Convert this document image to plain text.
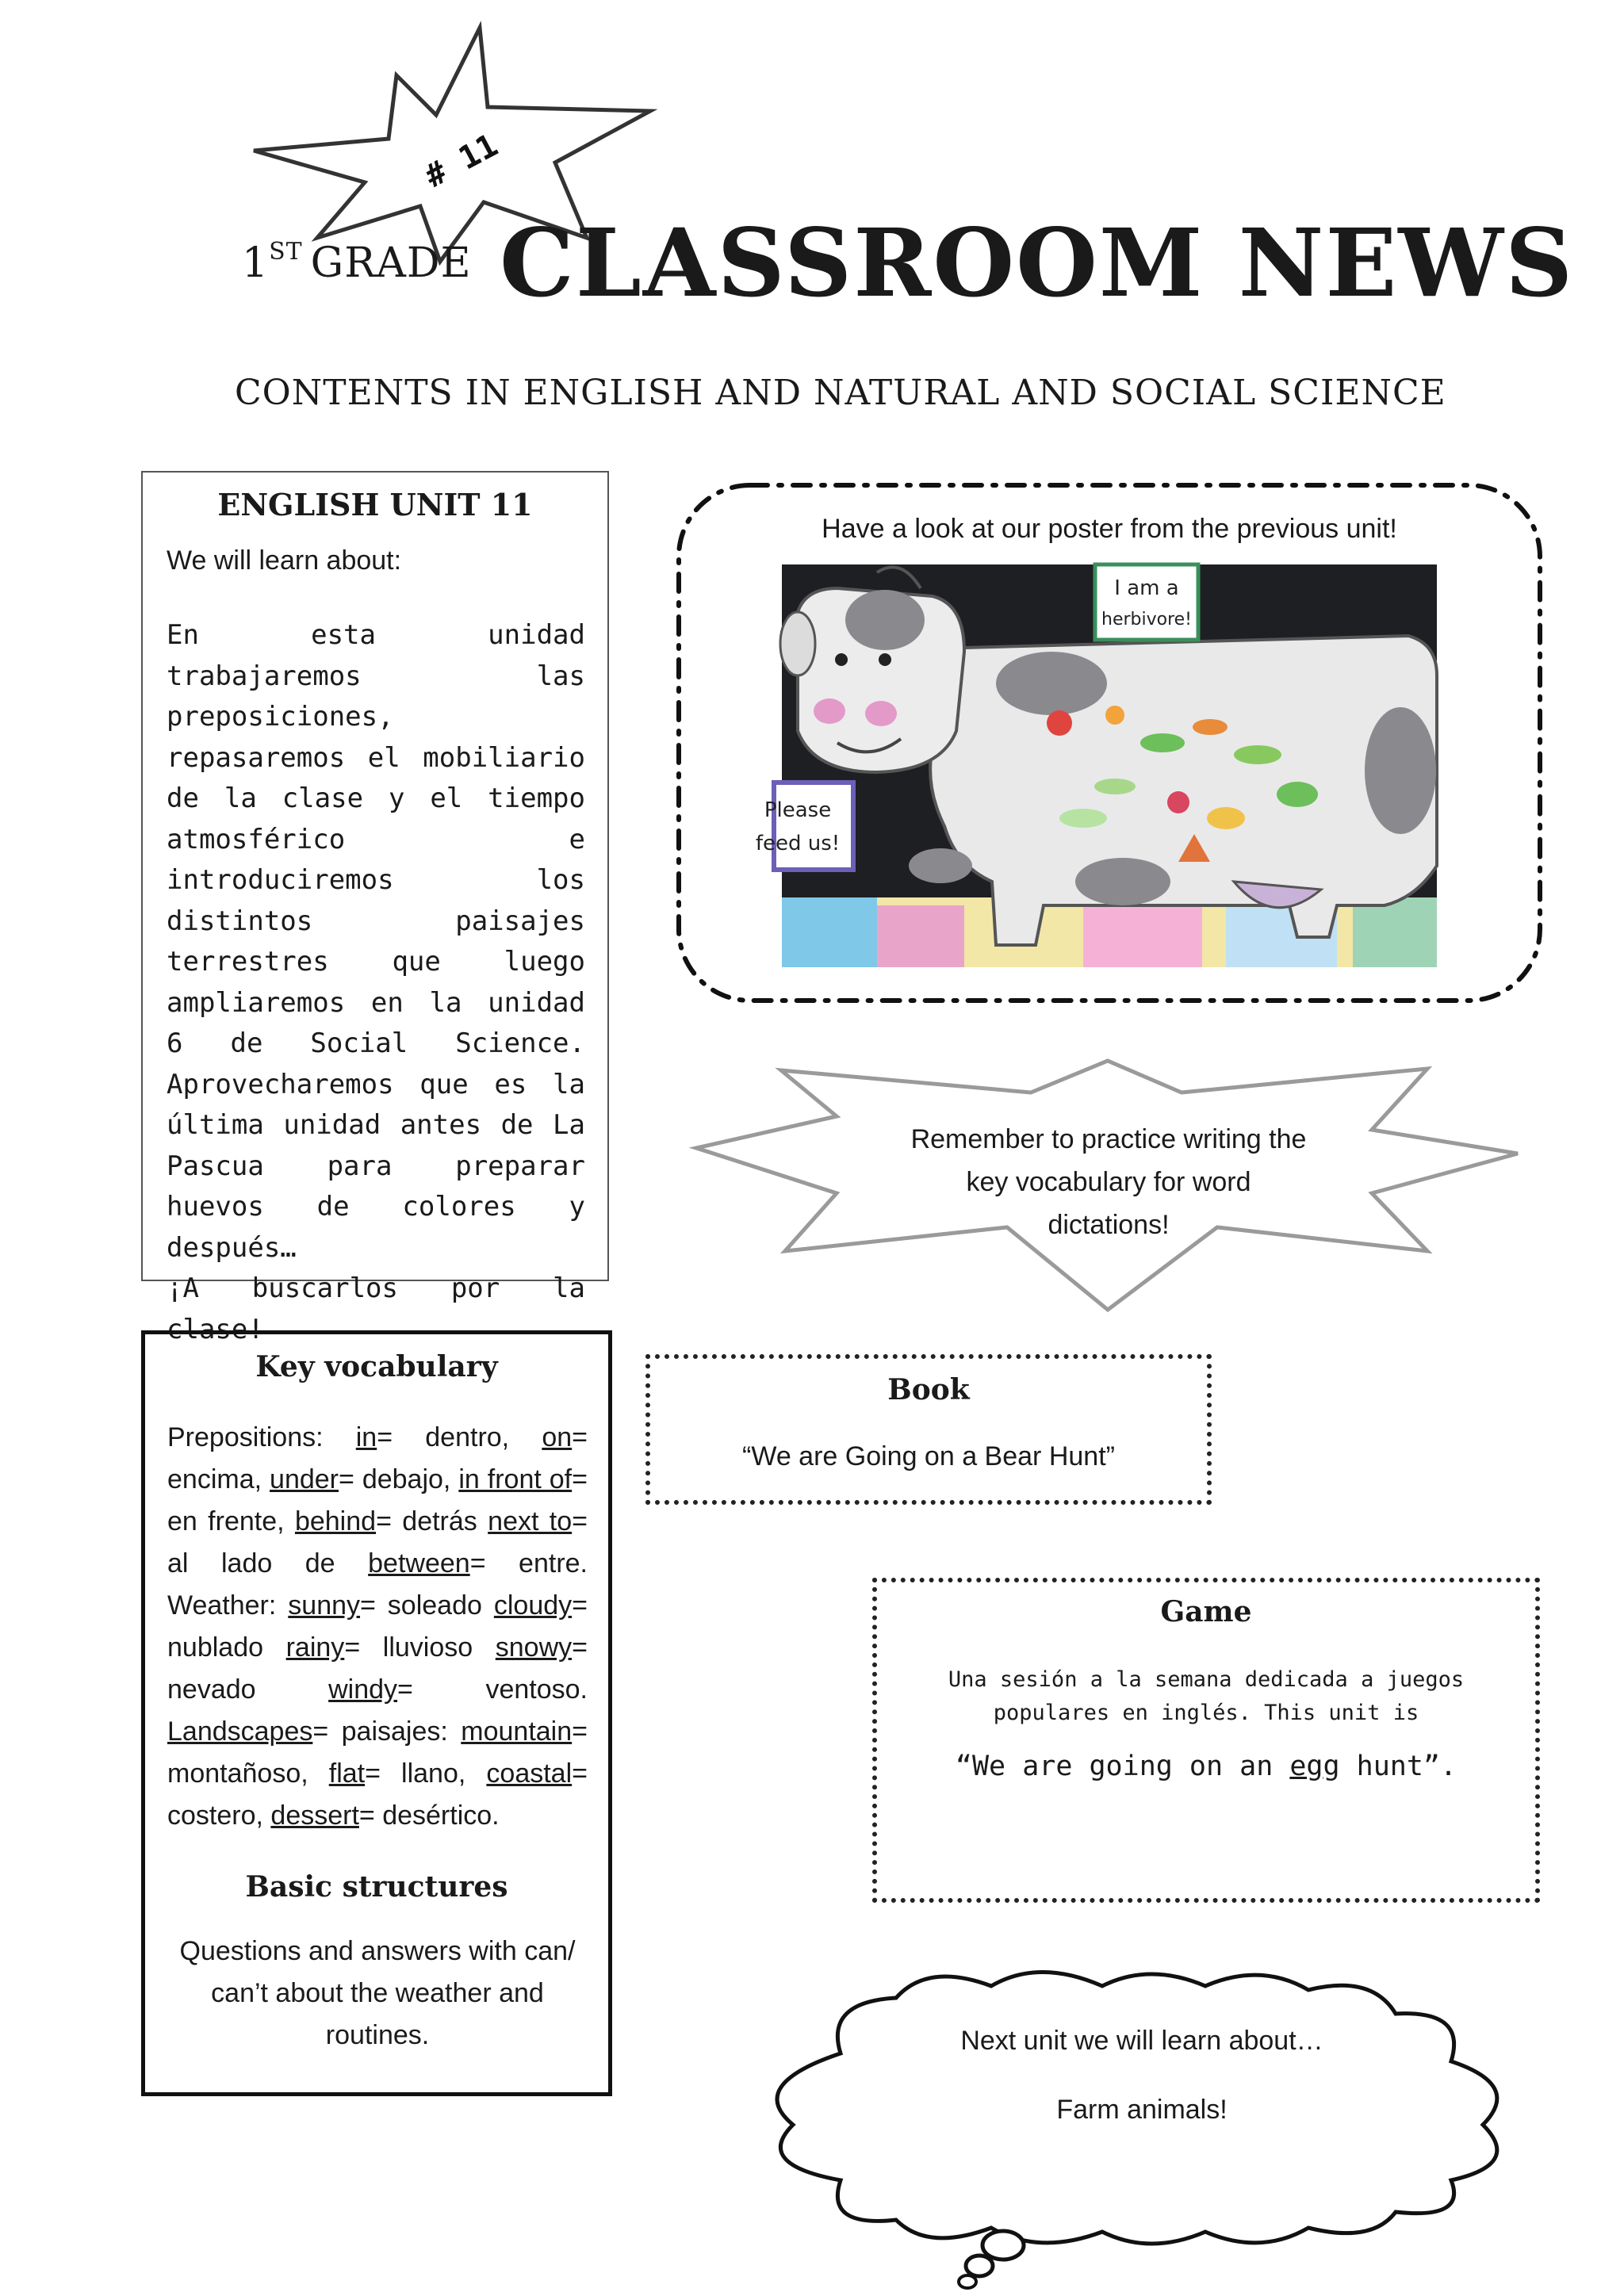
# 11
1ST GRADE CLASSROOM NEWS
CONTENTS IN ENGLISH AND NATURAL AND SOCIAL SCIENCE
ENGLISH UNIT 11
We will learn about:
En esta unidad trabajaremos las preposiciones, repasaremos el mobiliario de la clase y el tiempo atmosférico e introduciremos los distintos paisajes terrestres que luego ampliaremos en la unidad 6 de Social Science. Aprovecharemos que es la última unidad antes de La Pascua para preparar huevos de colores y después…
¡A buscarlos por la clase!
Have a look at our poster from the previous unit!
I am a
herbivore!
Please
feed us!
Remember to practice writing the
key vocabulary for word
dictations!
Key vocabulary
Prepositions: in= dentro, on= encima, under= debajo, in front of= en frente, behind= detrás next to= al lado de between= entre. Weather: sunny= soleado cloudy= nublado rainy= lluvioso snowy= nevado	windy= ventoso. Landscapes= paisajes: mountain= montañoso, flat= llano, coastal= costero, dessert= desértico.
Basic structures
Questions and answers with can/ can’t about the weather and routines.
Book
“We are Going on a Bear Hunt”
Game
Una sesión a la semana dedicada a juegos
populares en inglés. This unit is
“We are going on an egg hunt”.
Next unit we will learn about…
Farm animals!
